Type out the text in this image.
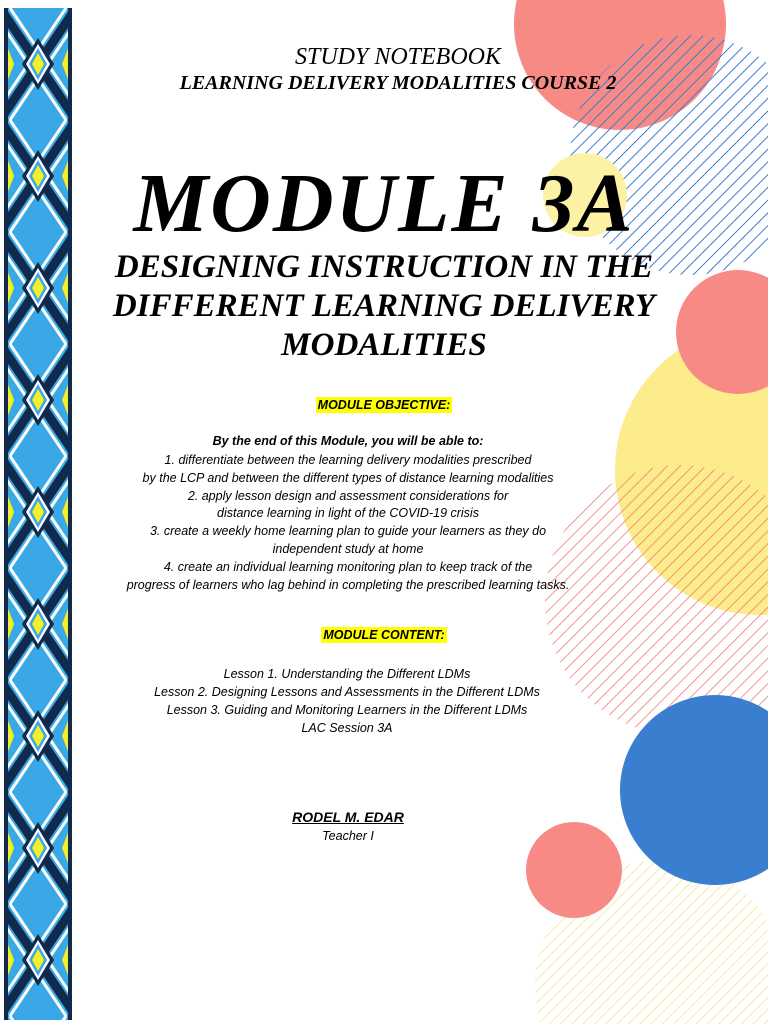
STUDY NOTEBOOK
LEARNING DELIVERY MODALITIES COURSE 2
MODULE 3A
DESIGNING INSTRUCTION IN THE
DIFFERENT LEARNING DELIVERY
MODALITIES
MODULE OBJECTIVE:
By the end of this Module, you will be able to:
1. differentiate between the learning delivery modalities prescribed
by the LCP and between the different types of distance learning modalities
2. apply lesson design and assessment considerations for
distance learning in light of the COVID-19 crisis
3. create a weekly home learning plan to guide your learners as they do
independent study at home
4. create an individual learning monitoring plan to keep track of the
progress of learners who lag behind in completing the prescribed learning tasks.
MODULE CONTENT:
Lesson 1. Understanding the Different LDMs
Lesson 2. Designing Lessons and Assessments in the Different LDMs
Lesson 3. Guiding and Monitoring Learners in the Different LDMs
LAC Session 3A
RODEL M. EDAR
Teacher I
